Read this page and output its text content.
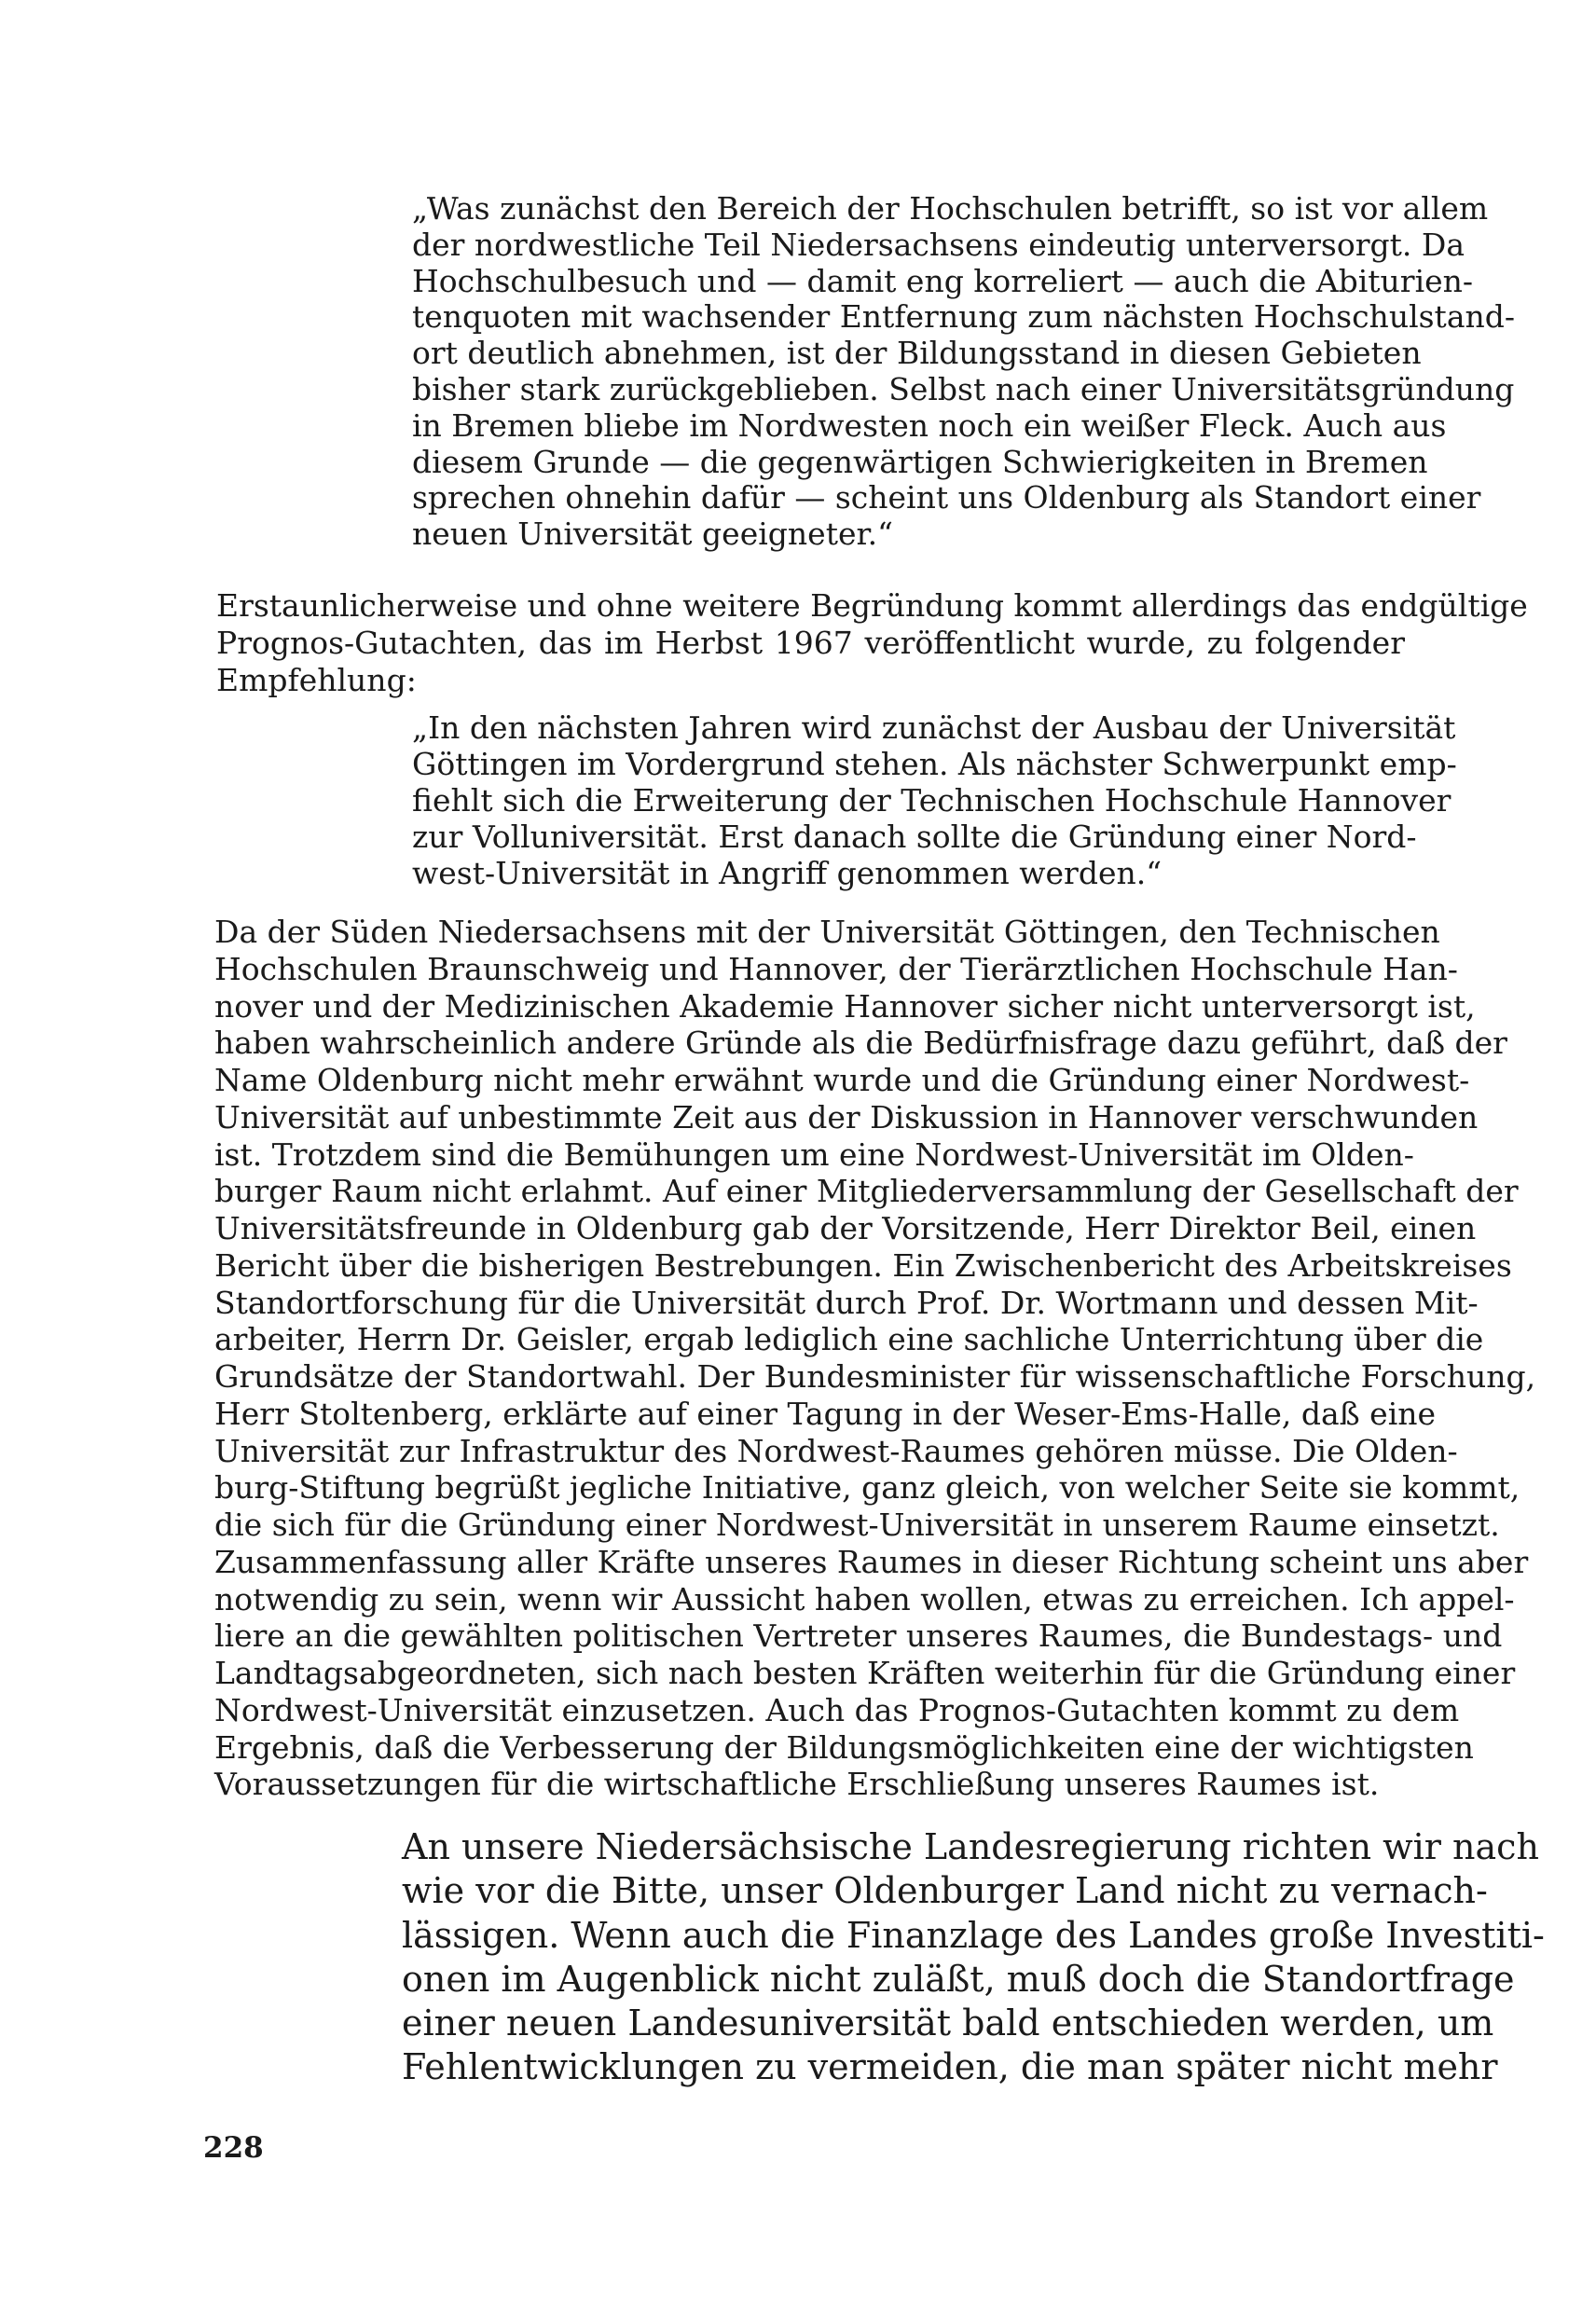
„Was zunächst den Bereich der Hochschulen betrifft, so ist vor allem
der nordwestliche Teil Niedersachsens eindeutig unterversorgt. Da
Hochschulbesuch und — damit eng korreliert — auch die Abiturien-
tenquoten mit wachsender Entfernung zum nächsten Hochschulstand-
ort deutlich abnehmen, ist der Bildungsstand in diesen Gebieten
bisher stark zurückgeblieben. Selbst nach einer Universitätsgründung
in Bremen bliebe im Nordwesten noch ein weißer Fleck. Auch aus
diesem Grunde — die gegenwärtigen Schwierigkeiten in Bremen
sprechen ohnehin dafür — scheint uns Oldenburg als Standort einer
neuen Universität geeigneter.“
Erstaunlicherweise und ohne weitere Begründung kommt allerdings das endgültige
Prognos-Gutachten, das im Herbst 1967 veröffentlicht wurde, zu folgender
Empfehlung:
„In den nächsten Jahren wird zunächst der Ausbau der Universität
Göttingen im Vordergrund stehen. Als nächster Schwerpunkt emp-
fiehlt sich die Erweiterung der Technischen Hochschule Hannover
zur Volluniversität. Erst danach sollte die Gründung einer Nord-
west-Universität in Angriff genommen werden.“
Da der Süden Niedersachsens mit der Universität Göttingen, den Technischen
Hochschulen Braunschweig und Hannover, der Tierärztlichen Hochschule Han-
nover und der Medizinischen Akademie Hannover sicher nicht unterversorgt ist,
haben wahrscheinlich andere Gründe als die Bedürfnisfrage dazu geführt, daß der
Name Oldenburg nicht mehr erwähnt wurde und die Gründung einer Nordwest-
Universität auf unbestimmte Zeit aus der Diskussion in Hannover verschwunden
ist. Trotzdem sind die Bemühungen um eine Nordwest-Universität im Olden-
burger Raum nicht erlahmt. Auf einer Mitgliederversammlung der Gesellschaft der
Universitätsfreunde in Oldenburg gab der Vorsitzende, Herr Direktor Beil, einen
Bericht über die bisherigen Bestrebungen. Ein Zwischenbericht des Arbeitskreises
Standortforschung für die Universität durch Prof. Dr. Wortmann und dessen Mit-
arbeiter, Herrn Dr. Geisler, ergab lediglich eine sachliche Unterrichtung über die
Grundsätze der Standortwahl. Der Bundesminister für wissenschaftliche Forschung,
Herr Stoltenberg, erklärte auf einer Tagung in der Weser-Ems-Halle, daß eine
Universität zur Infrastruktur des Nordwest-Raumes gehören müsse. Die Olden-
burg-Stiftung begrüßt jegliche Initiative, ganz gleich, von welcher Seite sie kommt,
die sich für die Gründung einer Nordwest-Universität in unserem Raume einsetzt.
Zusammenfassung aller Kräfte unseres Raumes in dieser Richtung scheint uns aber
notwendig zu sein, wenn wir Aussicht haben wollen, etwas zu erreichen. Ich appel-
liere an die gewählten politischen Vertreter unseres Raumes, die Bundestags- und
Landtagsabgeordneten, sich nach besten Kräften weiterhin für die Gründung einer
Nordwest-Universität einzusetzen. Auch das Prognos-Gutachten kommt zu dem
Ergebnis, daß die Verbesserung der Bildungsmöglichkeiten eine der wichtigsten
Voraussetzungen für die wirtschaftliche Erschließung unseres Raumes ist.
An unsere Niedersächsische Landesregierung richten wir nach
wie vor die Bitte, unser Oldenburger Land nicht zu vernach-
lässigen. Wenn auch die Finanzlage des Landes große Investiti-
onen im Augenblick nicht zuläßt, muß doch die Standortfrage
einer neuen Landesuniversität bald entschieden werden, um
Fehlentwicklungen zu vermeiden, die man später nicht mehr
228
